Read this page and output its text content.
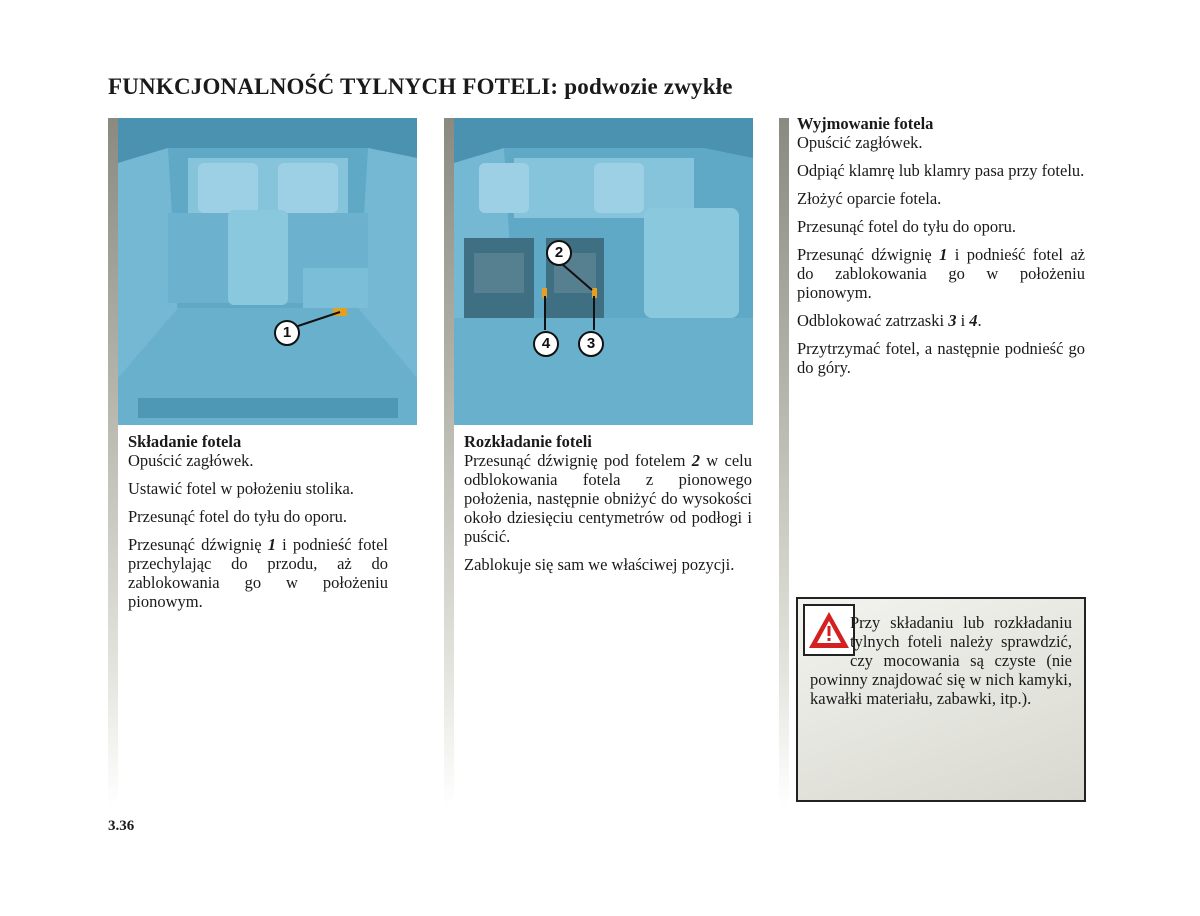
FUNKCJONALNOŚĆ TYLNYCH FOTELI: podwozie zwykłe
1

Składanie fotela

Opuścić zagłówek.

Ustawić fotel w położeniu stolika.

Przesunąć fotel do tyłu do oporu.

Przesunąć dźwignię 1 i podnieść fotel przechylając do przodu, aż do zablokowania go w położeniu pionowym.

2
4	3

Rozkładanie foteli

Przesunąć dźwignię pod fotelem 2 w celu odblokowania fotela z pionowego położenia, następnie obniżyć do wysokości około dziesięciu centymetrów od podłogi i puścić.

Zablokuje się sam we właściwej pozycji.

Wyjmowanie fotela

Opuścić zagłówek.

Odpiąć klamrę lub klamry pasa przy fotelu.

Złożyć oparcie fotela.

Przesunąć fotel do tyłu do oporu.

Przesunąć dźwignię 1 i podnieść fotel aż do zablokowania go w położeniu pionowym.

Odblokować zatrzaski 3 i 4.

Przytrzymać fotel, a następnie podnieść go do góry.

Przy składaniu lub rozkładaniu tylnych foteli należy sprawdzić, czy mocowania są czyste (nie powinny znajdować się w nich kamyki, kawałki materiału, zabawki, itp.).
3.36
